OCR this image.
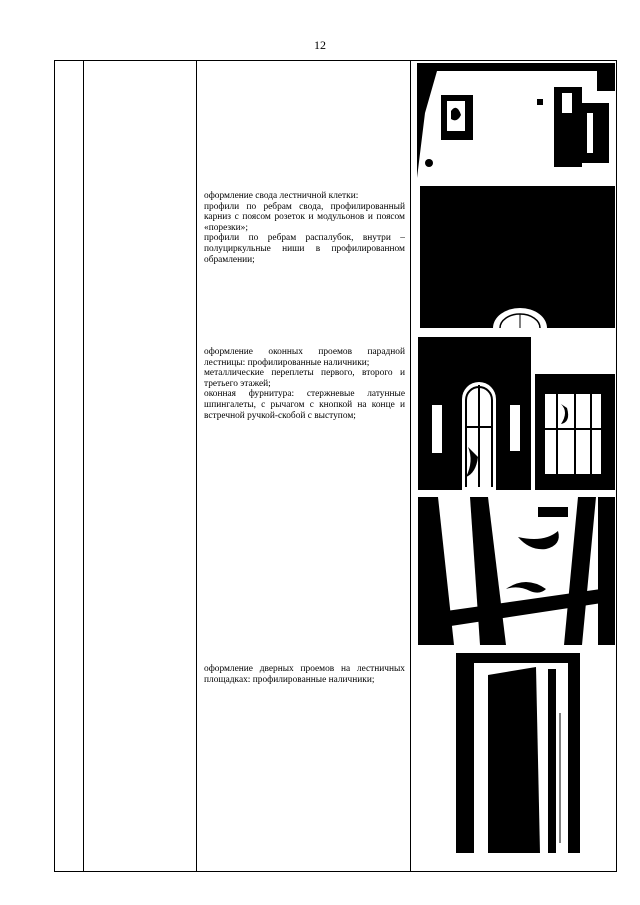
12

оформление свода лестничной клетки:

профили по ребрам свода, профилированный карниз с поясом розеток и модульонов и поясом «порезки»;

профили по ребрам распалубок, внутри – полуциркульные ниши в профилированном обрамлении;

оформление оконных проемов парадной лестницы: профилированные наличники;

металлические переплеты первого, второго и третьего этажей;

оконная фурнитура: стержневые латунные шпингалеты, с рычагом с кнопкой на конце и встречной ручкой-скобой с выступом;

оформление дверных проемов на лестничных площадках: профилированные наличники;
